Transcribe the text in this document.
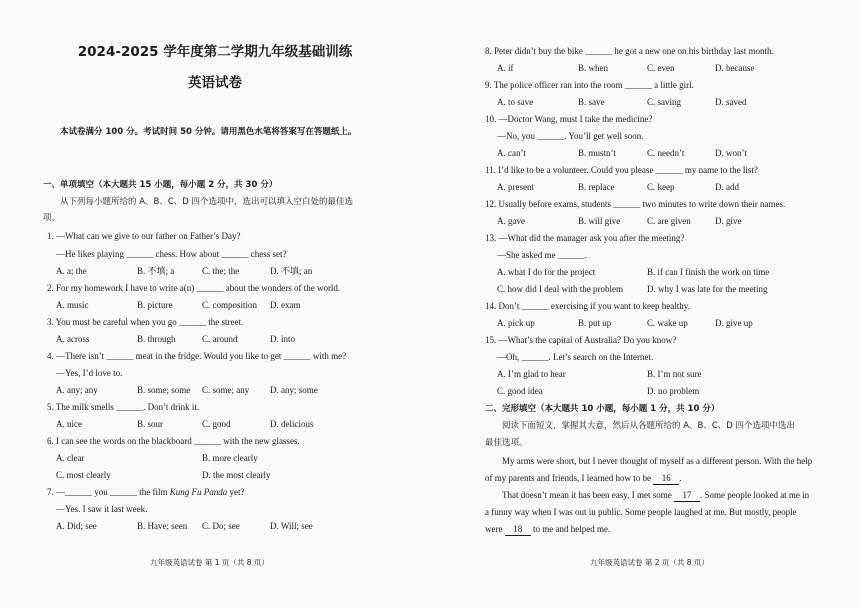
2024-2025 学年度第二学期九年级基础训练
英语试卷
本试卷满分 100 分。考试时间 50 分钟。请用黑色水笔将答案写在答题纸上。
一、单项填空（本大题共 15 小题，每小题 2 分，共 30 分）
从下列每小题所给的 A、B、C、D 四个选项中，选出可以填入空白处的最佳选
项。
1. —What can we give to our father on Father’s Day?
—He likes playing ______ chess. How about ______ chess set?
A. a; the	B. 不填; a	C. the; the	D. 不填; an
2. For my homework I have to write a(n) ______ about the wonders of the world.
A. music	B. picture	C. composition D. exam
3. You must be careful when you go ______ the street.
A. across	B. through	C. around	D. into
4. —There isn’t ______ meat in the fridge. Would you like to get ______ with me?
—Yes, I’d love to.
A. any; any	B. some; some C. some; any D. any; some
5. The milk smells ______. Don’t drink it.
A. nice	B. sour	C. good	D. delicious
6. I can see the words on the blackboard ______ with the new glasses.
A. clear	B. more clearly
C. most clearly	D. the most clearly
7. —______ you ______ the film Kung Fu Panda yet?
—Yes. I saw it last week.
A. Did; see	B. Have; seen C. Do; see	D. Will; see
九年级英语试卷 第 1 页（共 8 页）
8. Peter didn’t buy the bike ______ he got a new one on his birthday last month.
A. if	B. when	C. even	D. because
9. The police officer ran into the room ______ a little girl.
A. to save	B. save	C. saving	D. saved
10. —Doctor Wang, must I take the medicine?
—No, you ______. You’ll get well soon.
A. can’t	B. mustn’t	C. needn’t	D. won’t
11. I’d like to be a volunteer. Could you please ______ my name to the list?
A. present	B. replace	C. keep	D. add
12. Usually before exams, students ______ two minutes to write down their names.
A. gave	B. will give	C. are given	D. give
13. —What did the manager ask you after the meeting?
—She asked me ______.
A. what I do for the project	B. if can I finish the work on time
C. how did I deal with the problem	D. why I was late for the meeting
14. Don’t ______ exercising if you want to keep healthy.
A. pick up	B. put up	C. wake up	D. give up
15. —What’s the capital of Australia? Do you know?
—Oh, ______. Let’s search on the Internet.
A. I’m glad to hear	B. I’m not sure
C. good idea	D. no problem
二、完形填空（本大题共 10 小题，每小题 1 分，共 10 分）
阅读下面短文，掌握其大意，然后从各题所给的 A、B、C、D 四个选项中选出
最佳选项。
My arms were short, but I never thought of myself as a different person. With the help
of my parents and friends, I learned how to be 16 .
That doesn’t mean it has been easy. I met some 17 . Some people looked at me in
a funny way when I was out in public. Some people laughed at me. But mostly, people
were 18 to me and helped me.
九年级英语试卷 第 2 页（共 8 页）
